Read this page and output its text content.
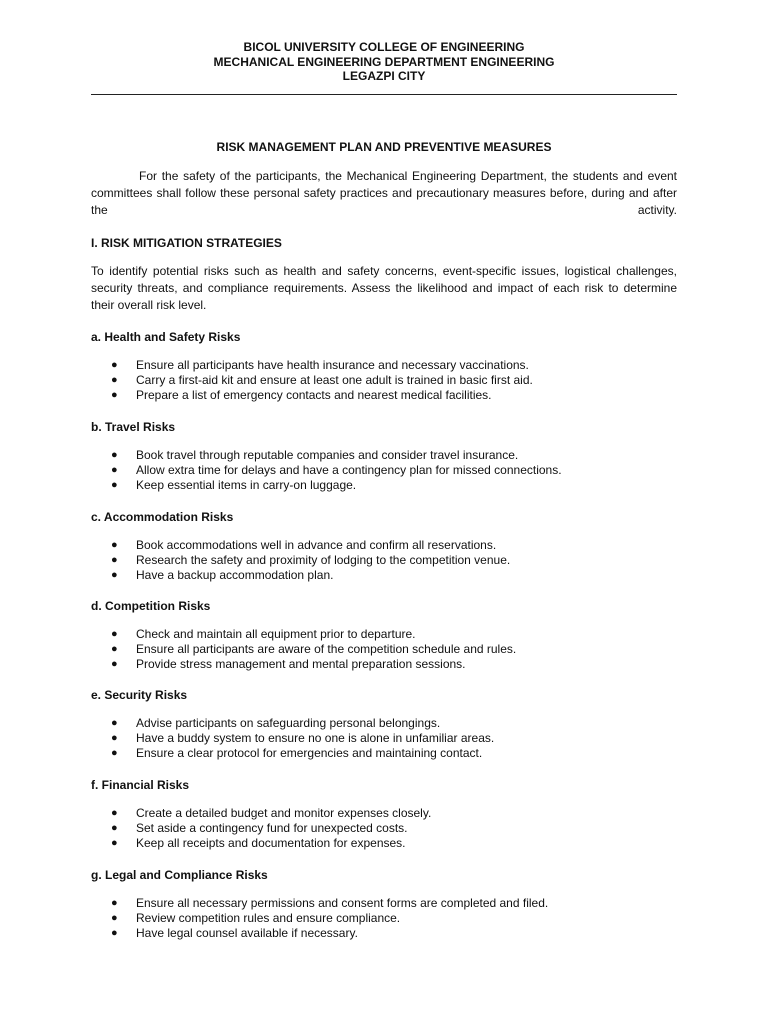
BICOL UNIVERSITY COLLEGE OF ENGINEERING
MECHANICAL ENGINEERING DEPARTMENT ENGINEERING
LEGAZPI CITY
RISK MANAGEMENT PLAN AND PREVENTIVE MEASURES

For the safety of the participants, the Mechanical Engineering Department, the students and event committees shall follow these personal safety practices and precautionary measures before, during and after the activity.

I. RISK MITIGATION STRATEGIES

To identify potential risks such as health and safety concerns, event-specific issues, logistical challenges, security threats, and compliance requirements. Assess the likelihood and impact of each risk to determine their overall risk level.

a. Health and Safety Risks

● Ensure all participants have health insurance and necessary vaccinations.
● Carry a first-aid kit and ensure at least one adult is trained in basic first aid.
● Prepare a list of emergency contacts and nearest medical facilities.

b. Travel Risks

● Book travel through reputable companies and consider travel insurance.
● Allow extra time for delays and have a contingency plan for missed connections.
● Keep essential items in carry-on luggage.

c. Accommodation Risks

● Book accommodations well in advance and confirm all reservations.
● Research the safety and proximity of lodging to the competition venue.
● Have a backup accommodation plan.

d. Competition Risks

● Check and maintain all equipment prior to departure.
● Ensure all participants are aware of the competition schedule and rules.
● Provide stress management and mental preparation sessions.

e. Security Risks

● Advise participants on safeguarding personal belongings.
● Have a buddy system to ensure no one is alone in unfamiliar areas.
● Ensure a clear protocol for emergencies and maintaining contact.

f. Financial Risks

● Create a detailed budget and monitor expenses closely.
● Set aside a contingency fund for unexpected costs.
● Keep all receipts and documentation for expenses.

g. Legal and Compliance Risks

● Ensure all necessary permissions and consent forms are completed and filed.
● Review competition rules and ensure compliance.
● Have legal counsel available if necessary.
